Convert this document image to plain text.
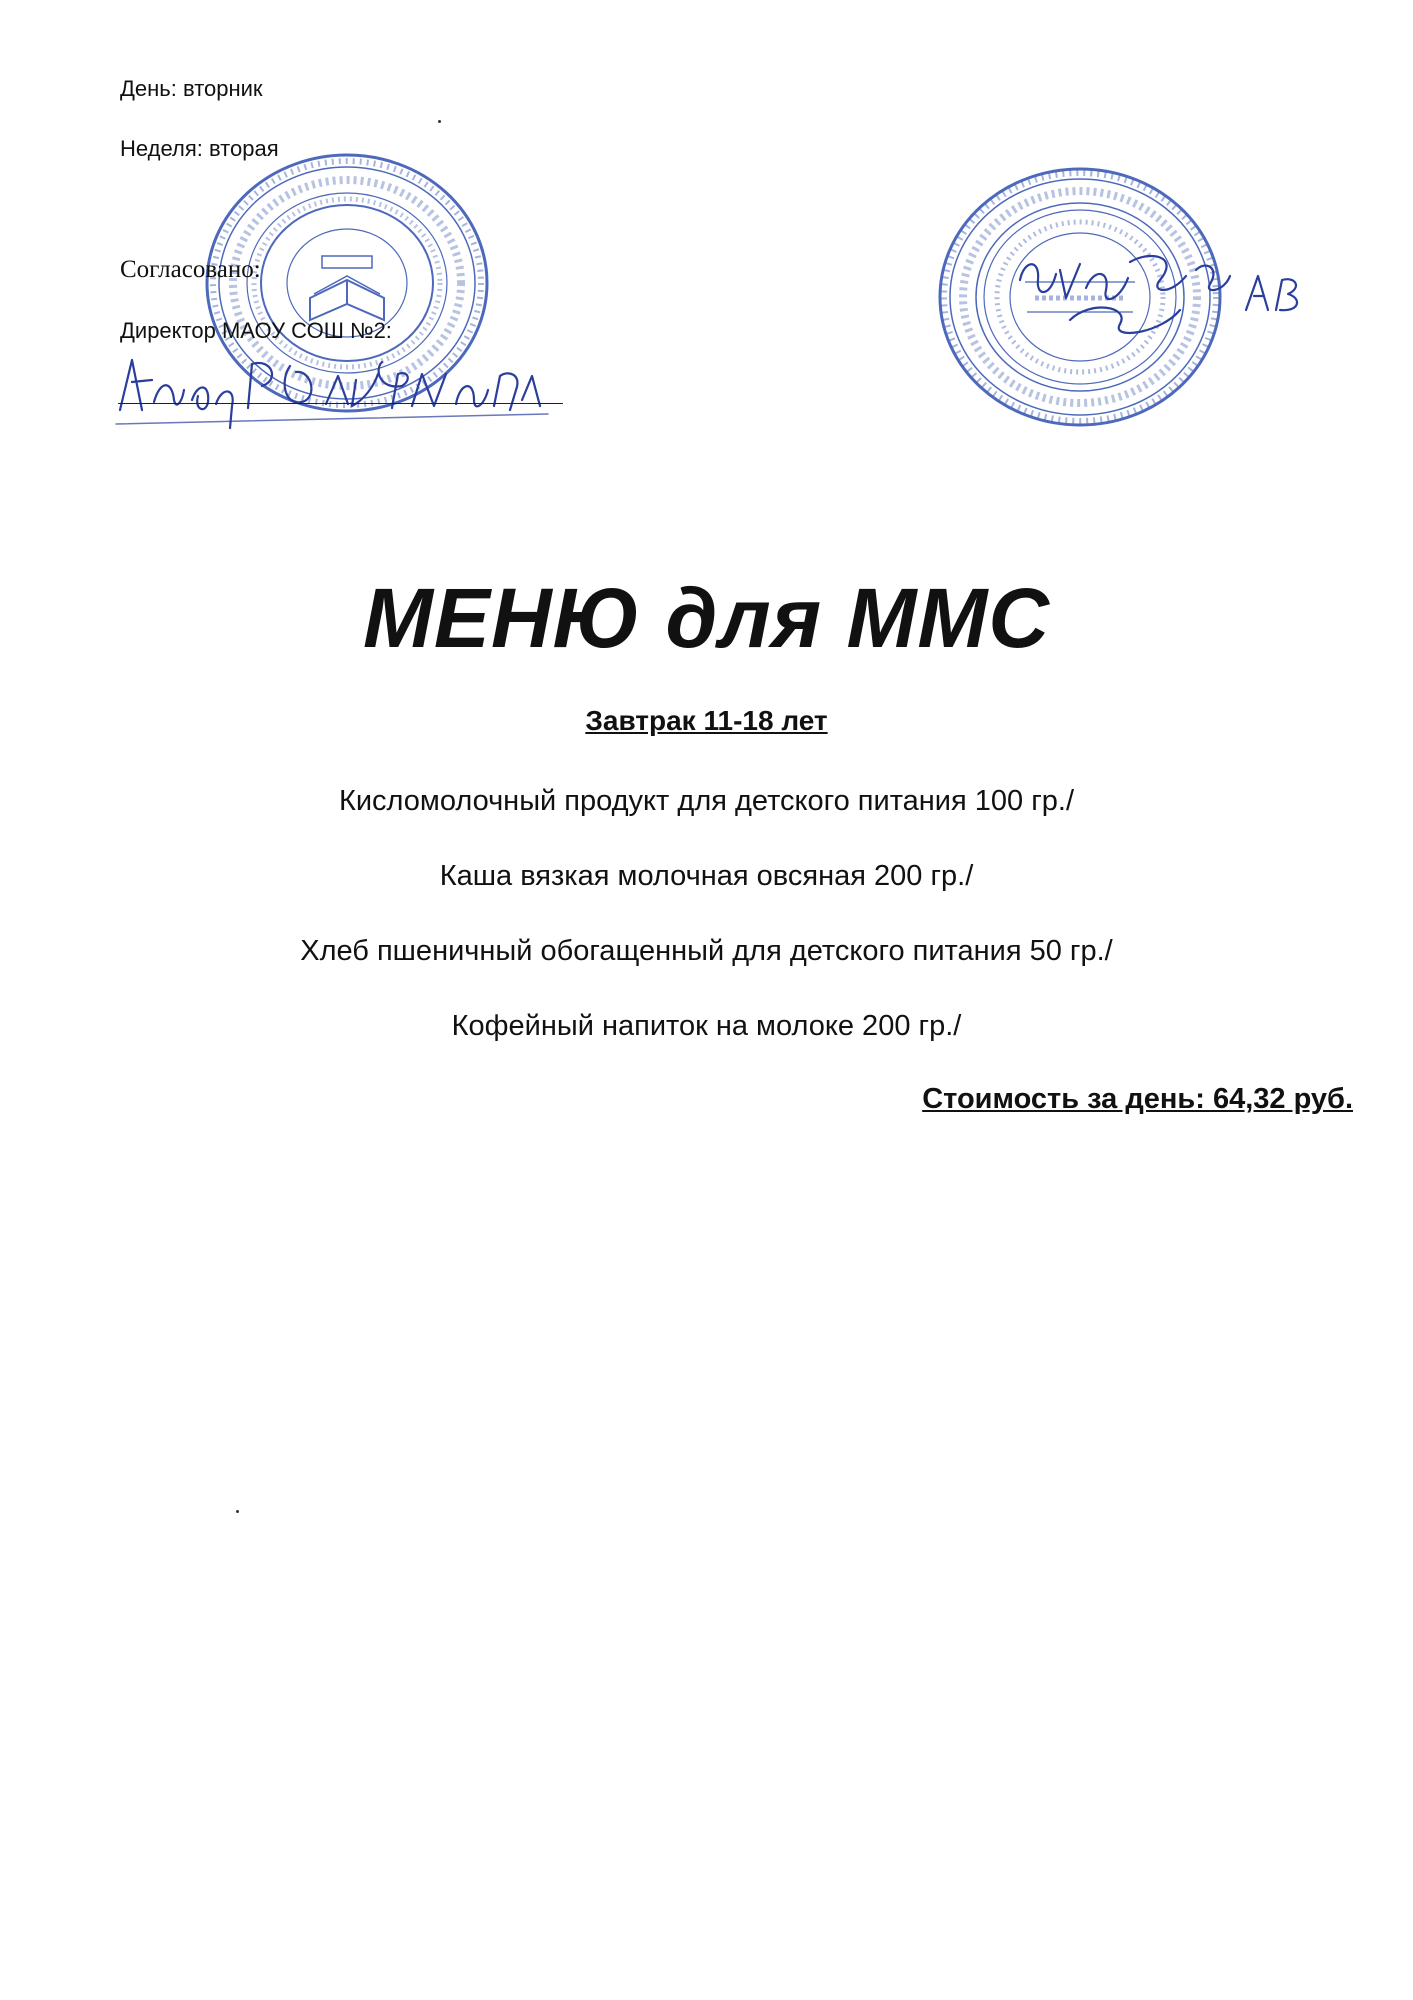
День: вторник
Неделя: вторая
Согласовано:
Директор МАОУ СОШ №2:
МЕНЮ для ММС
Завтрак 11-18 лет
Кисломолочный продукт для детского питания 100 гр./
Каша вязкая молочная овсяная 200 гр./
Хлеб пшеничный обогащенный для детского питания 50 гр./
Кофейный напиток на молоке 200 гр./
Стоимость за день: 64,32 руб.
